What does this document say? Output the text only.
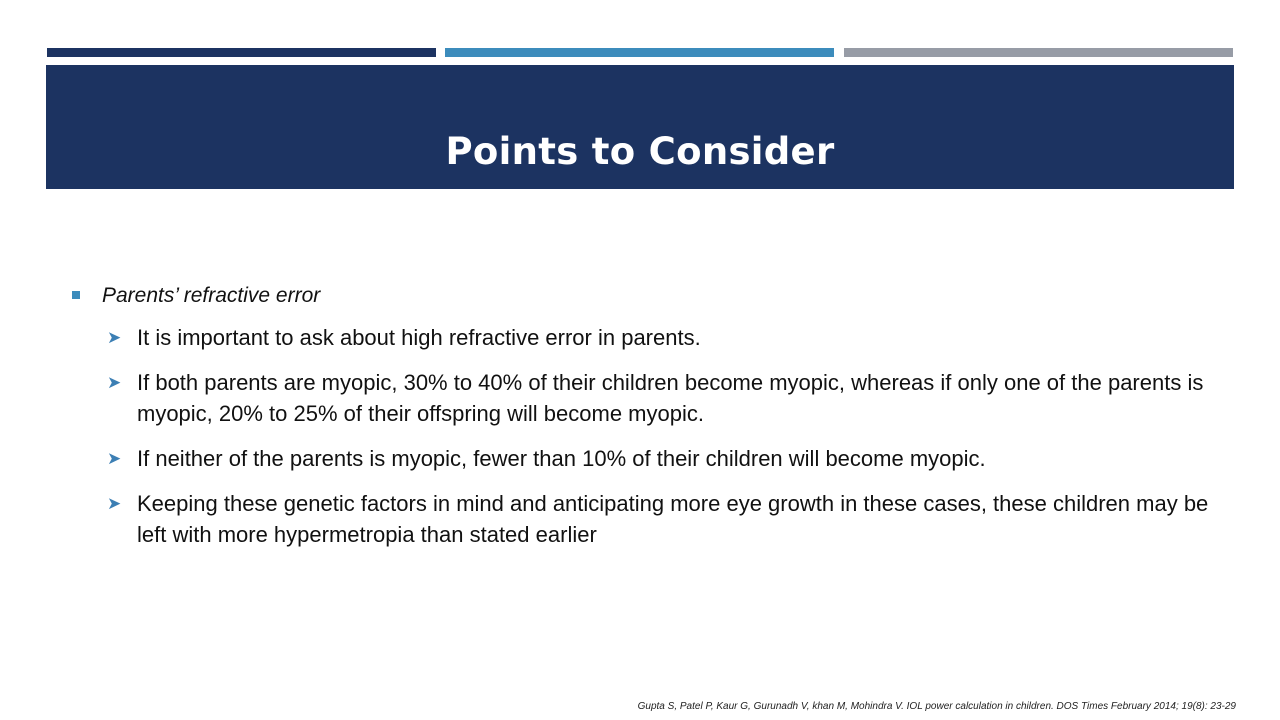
Points to Consider
Parents’ refractive error
➤ It is important to ask about high refractive error in parents.
➤ If both parents are myopic, 30% to 40% of their children become myopic, whereas if only one of the parents is myopic, 20% to 25% of their offspring will become myopic.
➤ If neither of the parents is myopic, fewer than 10% of their children will become myopic.
➤ Keeping these genetic factors in mind and anticipating more eye growth in these cases, these children may be left with more hypermetropia than stated earlier
Gupta S, Patel P, Kaur G, Gurunadh V, khan M, Mohindra V. IOL power calculation in children. DOS Times February 2014; 19(8): 23-29
